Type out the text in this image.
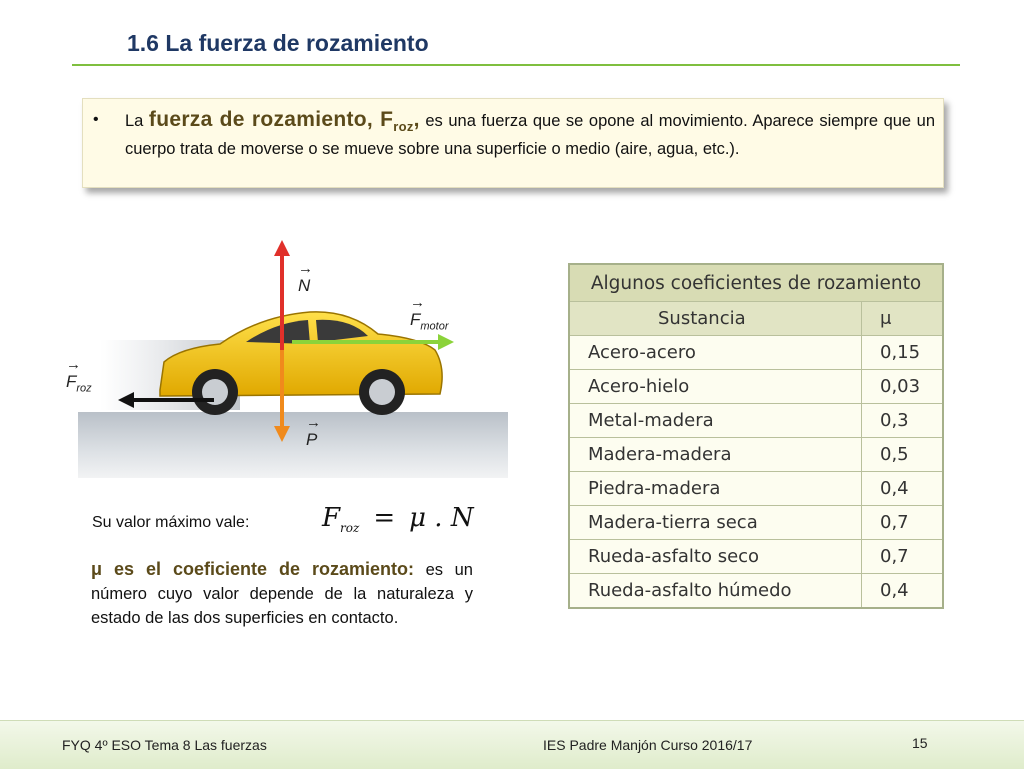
1.6 La fuerza de rozamiento
• La fuerza de rozamiento, $F_{roz}$, es una fuerza que se opone al movimiento. Aparece siempre que un cuerpo trata de moverse o se mueve sobre una superficie o medio (aire, agua, etc.).
→
N
→
$F_{motor}$
→
$F_{roz}$
→
P
Su valor máximo vale:	$F_{roz} = \mu$ . N
μ es el coeficiente de rozamiento: es un número cuyo valor depende de la naturaleza y estado de las dos superficies en contacto.
Algunos coeficientes de rozamiento	
Sustancia	μ
Acero-acero	0,15
Acero-hielo	0,03
Metal-madera	0,3
Madera-madera	0,5
Piedra-madera	0,4
Madera-tierra seca	0,7
Rueda-asfalto seco	0,7
Rueda-asfalto húmedo	0,4
FYQ 4º ESO Tema 8 Las fuerzas	IES Padre Manjón Curso 2016/17	15
